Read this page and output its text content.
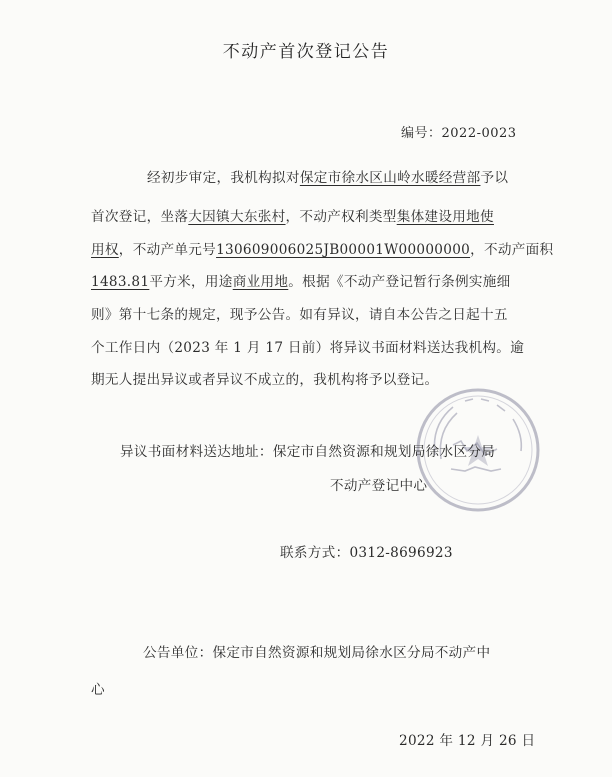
不动产首次登记公告
编号：2022-0023
经初步审定，我机构拟对保定市徐水区山岭水暖经营部予以
首次登记，坐落大因镇大东张村，不动产权利类型集体建设用地使
用权，不动产单元号130609006025JB00001W00000000，不动产面积
1483.81平方米，用途商业用地。根据《不动产登记暂行条例实施细
则》第十七条的规定，现予公告。如有异议，请自本公告之日起十五
个工作日内（2023 年 1 月 17 日前）将异议书面材料送达我机构。逾
期无人提出异议或者异议不成立的，我机构将予以登记。
异议书面材料送达地址：保定市自然资源和规划局徐水区分局
不动产登记中心
联系方式：0312-8696923
公告单位：保定市自然资源和规划局徐水区分局不动产中
心
2022 年 12 月 26 日
